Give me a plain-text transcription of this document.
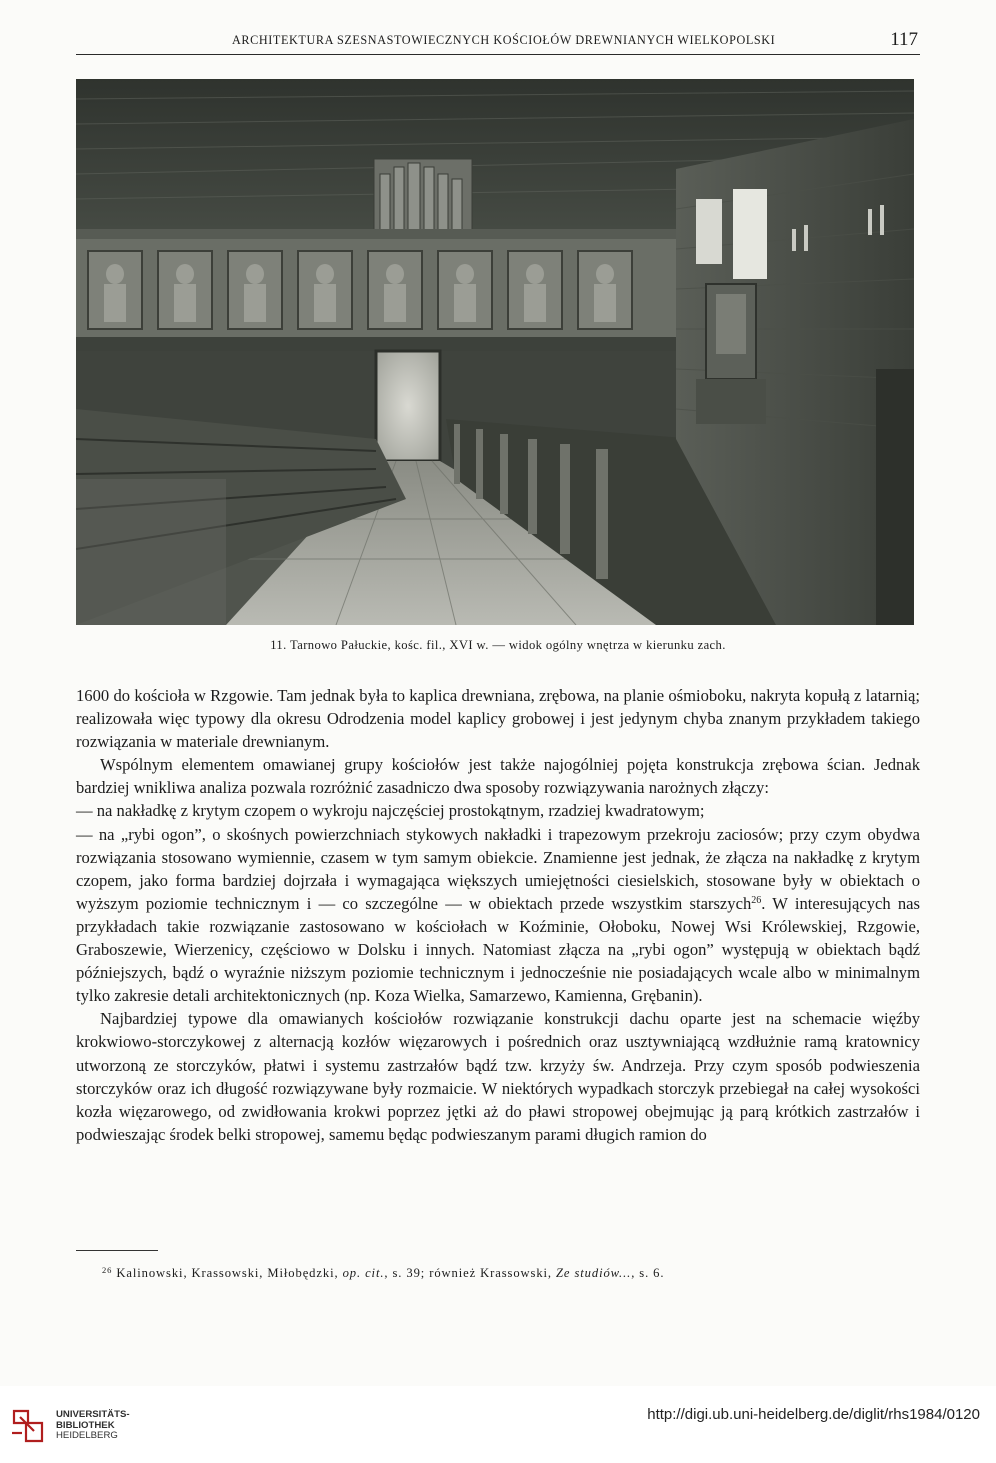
ARCHITEKTURA SZESNASTOWIECZNYCH KOŚCIOŁÓW DREWNIANYCH WIELKOPOLSKI	117
11. Tarnowo Pałuckie, kośc. fil., XVI w. — widok ogólny wnętrza w kierunku zach.

1600 do kościoła w Rzgowie. Tam jednak była to kaplica drewniana, zrębowa, na planie ośmioboku, nakryta kopułą z latarnią; realizowała więc typowy dla okresu Odrodzenia model kaplicy grobowej i jest jedynym chyba znanym przykładem takiego rozwiązania w materiale drewnianym.

Wspólnym elementem omawianej grupy kościołów jest także najogólniej pojęta konstrukcja zrębowa ścian. Jednak bardziej wnikliwa analiza pozwala rozróżnić zasadniczo dwa sposoby rozwiązywania narożnych złączy:

— na nakładkę z krytym czopem o wykroju najczęściej prostokątnym, rzadziej kwadratowym;

— na „rybi ogon”, o skośnych powierzchniach stykowych nakładki i trapezowym przekroju zaciosów; przy czym obydwa rozwiązania stosowano wymiennie, czasem w tym samym obiekcie. Znamienne jest jednak, że złącza na nakładkę z krytym czopem, jako forma bardziej dojrzała i wymagająca większych umiejętności ciesielskich, stosowane były w obiektach o wyższym poziomie technicznym i — co szczególne — w obiektach przede wszystkim starszych$^{26}$. W interesujących nas przykładach takie rozwiązanie zastosowano w kościołach w Koźminie, Ołoboku, Nowej Wsi Królewskiej, Rzgowie, Graboszewie, Wierzenicy, częściowo w Dolsku i innych. Natomiast złącza na „rybi ogon” występują w obiektach bądź późniejszych, bądź o wyraźnie niższym poziomie technicznym i jednocześnie nie posiadających wcale albo w minimalnym tylko zakresie detali architektonicznych (np. Koza Wielka, Samarzewo, Kamienna, Grębanin).

Najbardziej typowe dla omawianych kościołów rozwiązanie konstrukcji dachu oparte jest na schemacie więźby krokwiowo-storczykowej z alternacją kozłów więzarowych i pośrednich oraz usztywniającą wzdłużnie ramą kratownicy utworzoną ze storczyków, płatwi i systemu zastrzałów bądź tzw. krzyży św. Andrzeja. Przy czym sposób podwieszenia storczyków oraz ich długość rozwiązywane były rozmaicie. W niektórych wypadkach storczyk przebiegał na całej wysokości kozła więzarowego, od zwidłowania krokwi poprzez jętki aż do pławi stropowej obejmując ją parą krótkich zastrzałów i podwieszając środek belki stropowej, samemu będąc podwieszanym parami długich ramion do

$^{26}$ Kalinowski, Krassowski, Miłobędzki, op. cit., s. 39; również Krassowski, Ze studiów..., s. 6.
UNIVERSITÄTS-
BIBLIOTHEK
HEIDELBERG
http://digi.ub.uni-heidelberg.de/diglit/rhs1984/0120
